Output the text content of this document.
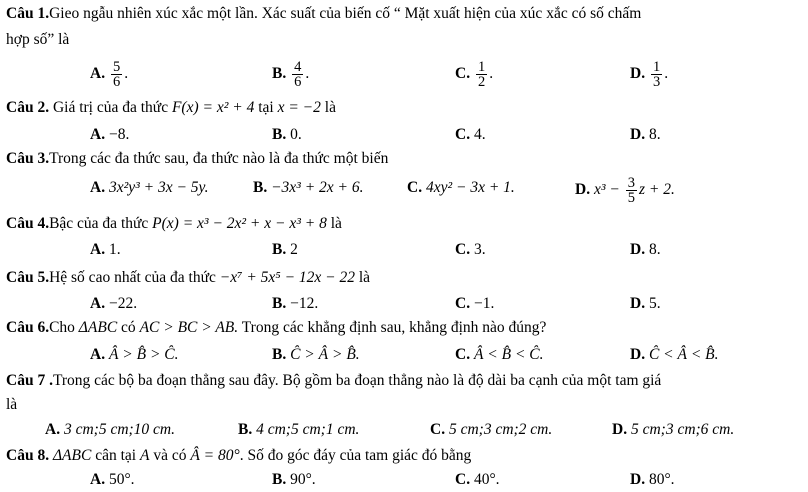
Câu 1.Gieo ngẫu nhiên xúc xắc một lần. Xác suất của biến cố “ Mặt xuất hiện của xúc xắc có số chấm
hợp số” là
A. $\frac{5}{6}$ .	B. $\frac{4}{6}$ .	C. $\frac{1}{2}$ .	D. $\frac{1}{3}$ .
Câu 2. Giá trị của đa thức F(x) = x² + 4 tại x = −2 là
A. −8.	B. 0.	C. 4.	D. 8.
Câu 3.Trong các đa thức sau, đa thức nào là đa thức một biến
A. 3x²y³ + 3x − 5y.	B. −3x³ + 2x + 6.	C. 4xy² − 3x + 1.	D. $x^3 - \frac{3}{5}$ z + 2.
Câu 4.Bậc của đa thức P(x) = x³ − 2x² + x − x³ + 8 là
A. 1.	B. 2	C. 3.	D. 8.
Câu 5.Hệ số cao nhất của đa thức −x⁷ + 5x⁵ − 12x − 22 là
A. −22.	B. −12.	C. −1.	D. 5.
Câu 6.Cho ΔABC có AC > BC > AB. Trong các khẳng định sau, khẳng định nào đúng?
A. Â > B̂ > Ĉ.	B. Ĉ > Â > B̂.	C. Â < B̂ < Ĉ.	D. Ĉ < Â < B̂.
Câu 7 .Trong các bộ ba đoạn thẳng sau đây. Bộ gồm ba đoạn thẳng nào là độ dài ba cạnh của một tam giá
là
A. 3 cm;5 cm;10 cm.	B. 4 cm;5 cm;1 cm.	C. 5 cm;3 cm;2 cm.	D. 5 cm;3 cm;6 cm.
Câu 8. ΔABC cân tại A và có Â = 80°. Số đo góc đáy của tam giác đó bằng
A. 50°.	B. 90°.	C. 40°.	D. 80°.
